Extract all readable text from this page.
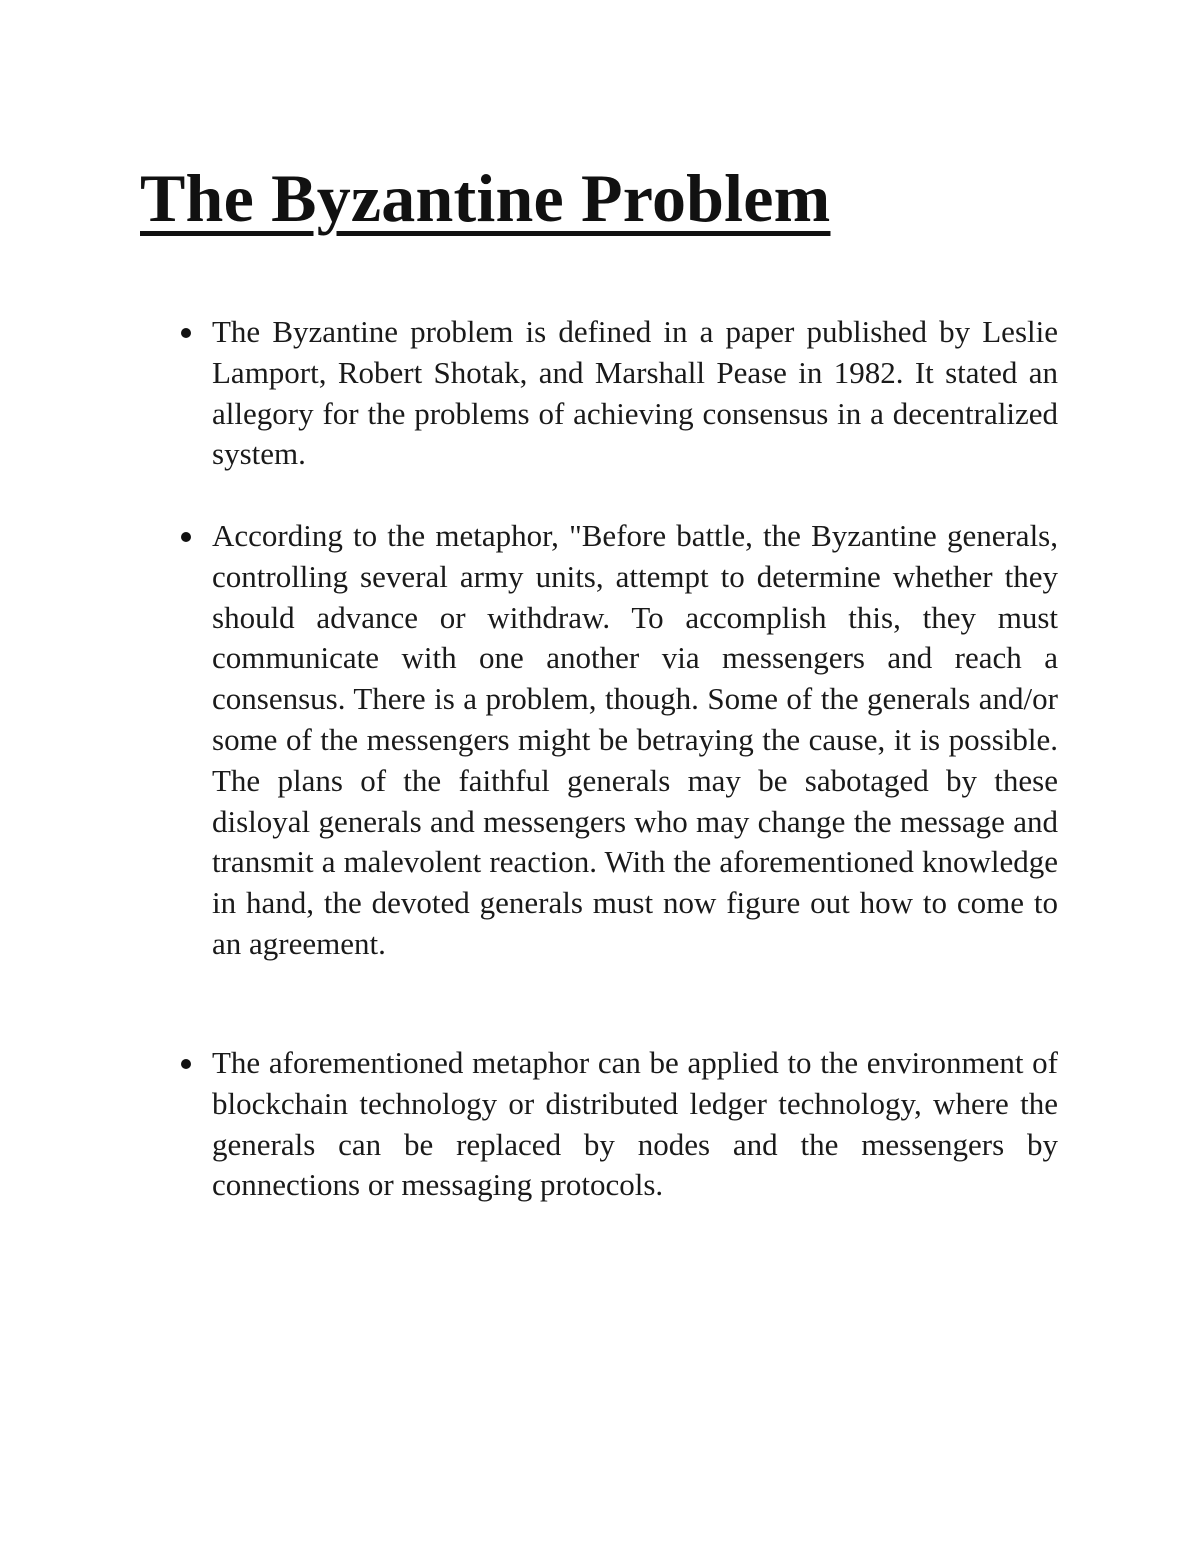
The Byzantine Problem
The Byzantine problem is defined in a paper published by Leslie Lamport, Robert Shotak, and Marshall Pease in 1982. It stated an allegory for the problems of achieving consensus in a decentralized system.
According to the metaphor, "Before battle, the Byzantine generals, controlling several army units, attempt to determine whether they should advance or withdraw. To accomplish this, they must communicate with one another via messengers and reach a consensus. There is a problem, though. Some of the generals and/or some of the messengers might be betraying the cause, it is possible. The plans of the faithful generals may be sabotaged by these disloyal generals and messengers who may change the message and transmit a malevolent reaction. With the aforementioned knowledge in hand, the devoted generals must now figure out how to come to an agreement.
The aforementioned metaphor can be applied to the environment of blockchain technology or distributed ledger technology, where the generals can be replaced by nodes and the messengers by connections or messaging protocols.
